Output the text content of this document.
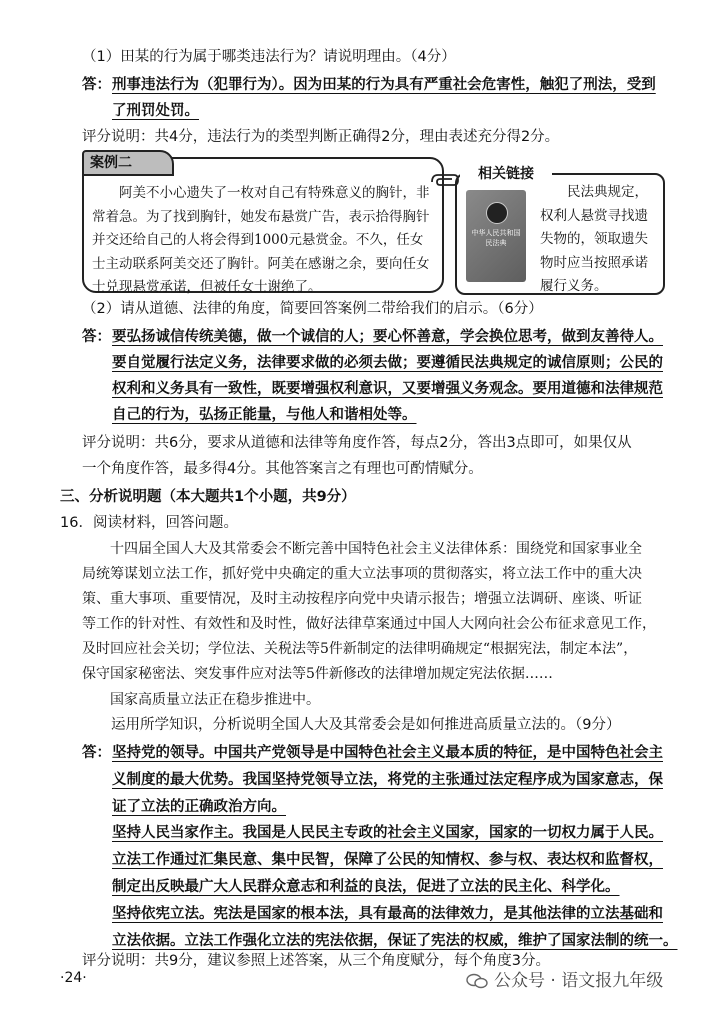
（1）田某的行为属于哪类违法行为？请说明理由。（4分）
答： 刑事违法行为（犯罪行为）。因为田某的行为具有严重社会危害性，触犯了刑法，受到
了刑罚处罚。
评分说明：共4分，违法行为的类型判断正确得2分，理由表述充分得2分。
案例二
阿美不小心遗失了一枚对自己有特殊意义的胸针，非常着急。为了找到胸针，她发布悬赏广告，表示拾得胸针并交还给自己的人将会得到1000元悬赏金。不久，任女士主动联系阿美交还了胸针。阿美在感谢之余，要向任女士兑现悬赏承诺，但被任女士谢绝了。
相关链接
中华人民共和国民法典
民法典规定，权利人悬赏寻找遗失物的，领取遗失物时应当按照承诺履行义务。
（2）请从道德、法律的角度，简要回答案例二带给我们的启示。（6分）
答： 要弘扬诚信传统美德，做一个诚信的人；要心怀善意，学会换位思考，做到友善待人。
要自觉履行法定义务，法律要求做的必须去做；要遵循民法典规定的诚信原则；公民的
权利和义务具有一致性，既要增强权利意识，又要增强义务观念。要用道德和法律规范
自己的行为，弘扬正能量，与他人和谐相处等。
评分说明：共6分，要求从道德和法律等角度作答，每点2分，答出3点即可，如果仅从
一个角度作答，最多得4分。其他答案言之有理也可酌情赋分。
三、分析说明题（本大题共1个小题，共9分）
16．阅读材料，回答问题。
十四届全国人大及其常委会不断完善中国特色社会主义法律体系：围绕党和国家事业全
局统筹谋划立法工作，抓好党中央确定的重大立法事项的贯彻落实，将立法工作中的重大决
策、重大事项、重要情况，及时主动按程序向党中央请示报告；增强立法调研、座谈、听证
等工作的针对性、有效性和及时性，做好法律草案通过中国人大网向社会公布征求意见工作，
及时回应社会关切；学位法、关税法等5件新制定的法律明确规定“根据宪法，制定本法”，
保守国家秘密法、突发事件应对法等5件新修改的法律增加规定宪法依据……
国家高质量立法正在稳步推进中。
运用所学知识，分析说明全国人大及其常委会是如何推进高质量立法的。（9分）
答： 坚持党的领导。中国共产党领导是中国特色社会主义最本质的特征，是中国特色社会主
义制度的最大优势。我国坚持党领导立法，将党的主张通过法定程序成为国家意志，保
证了立法的正确政治方向。
坚持人民当家作主。我国是人民民主专政的社会主义国家，国家的一切权力属于人民。
立法工作通过汇集民意、集中民智，保障了公民的知情权、参与权、表达权和监督权，
制定出反映最广大人民群众意志和利益的良法，促进了立法的民主化、科学化。
坚持依宪立法。宪法是国家的根本法，具有最高的法律效力，是其他法律的立法基础和
立法依据。立法工作强化立法的宪法依据，保证了宪法的权威，维护了国家法制的统一。
评分说明：共9分，建议参照上述答案，从三个角度赋分，每个角度3分。
·24·	公众号 · 语文报九年级
